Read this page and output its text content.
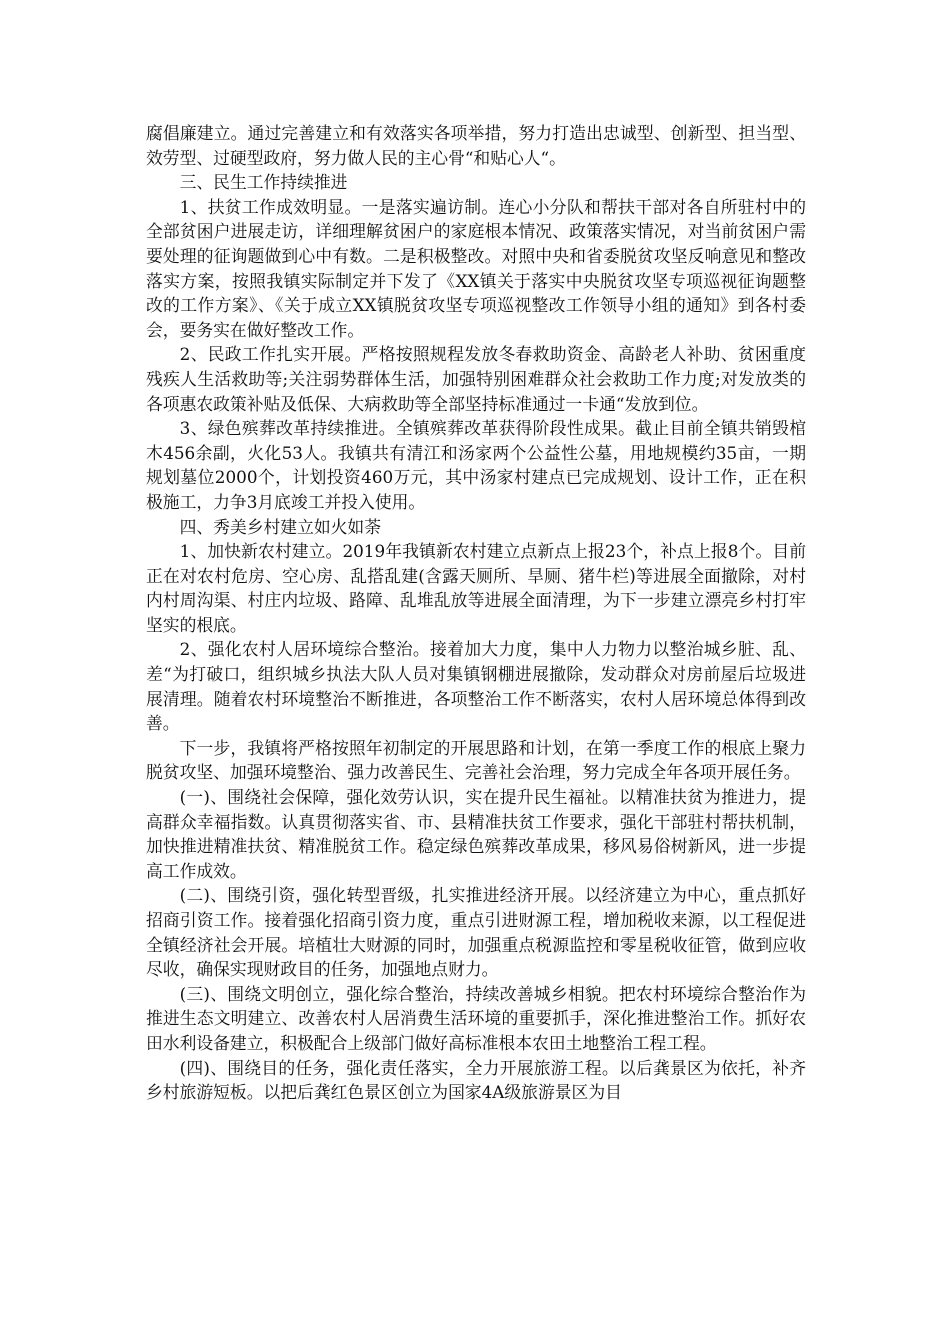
腐倡廉建立。通过完善建立和有效落实各项举措，努力打造出忠诚型、创新型、担当型、效劳型、过硬型政府，努力做人民的主心骨“和贴心人“。

三、民生工作持续推进

1、扶贫工作成效明显。一是落实遍访制。连心小分队和帮扶干部对各自所驻村中的全部贫困户进展走访，详细理解贫困户的家庭根本情况、政策落实情况，对当前贫困户需要处理的征询题做到心中有数。二是积极整改。对照中央和省委脱贫攻坚反响意见和整改落实方案，按照我镇实际制定并下发了《XX镇关于落实中央脱贫攻坚专项巡视征询题整改的工作方案》、《关于成立XX镇脱贫攻坚专项巡视整改工作领导小组的通知》到各村委会，要务实在做好整改工作。

2、民政工作扎实开展。严格按照规程发放冬春救助资金、高龄老人补助、贫困重度残疾人生活救助等;关注弱势群体生活，加强特别困难群众社会救助工作力度;对发放类的各项惠农政策补贴及低保、大病救助等全部坚持标准通过一卡通“发放到位。

3、绿色殡葬改革持续推进。全镇殡葬改革获得阶段性成果。截止目前全镇共销毁棺木456余副，火化53人。我镇共有清江和汤家两个公益性公墓，用地规模约35亩，一期规划墓位2000个，计划投资460万元，其中汤家村建点已完成规划、设计工作，正在积极施工，力争3月底竣工并投入使用。

四、秀美乡村建立如火如荼

1、加快新农村建立。2019年我镇新农村建立点新点上报23个，补点上报8个。目前正在对农村危房、空心房、乱搭乱建(含露天厕所、旱厕、猪牛栏)等进展全面撤除，对村内村周沟渠、村庄内垃圾、路障、乱堆乱放等进展全面清理，为下一步建立漂亮乡村打牢坚实的根底。

2、强化农村人居环境综合整治。接着加大力度，集中人力物力以整治城乡脏、乱、差“为打破口，组织城乡执法大队人员对集镇钢棚进展撤除，发动群众对房前屋后垃圾进展清理。随着农村环境整治不断推进，各项整治工作不断落实，农村人居环境总体得到改善。

下一步，我镇将严格按照年初制定的开展思路和计划，在第一季度工作的根底上聚力脱贫攻坚、加强环境整治、强力改善民生、完善社会治理，努力完成全年各项开展任务。

(一)、围绕社会保障，强化效劳认识，实在提升民生福祉。以精准扶贫为推进力，提高群众幸福指数。认真贯彻落实省、市、县精准扶贫工作要求，强化干部驻村帮扶机制，加快推进精准扶贫、精准脱贫工作。稳定绿色殡葬改革成果，移风易俗树新风，进一步提高工作成效。

(二)、围绕引资，强化转型晋级，扎实推进经济开展。以经济建立为中心，重点抓好招商引资工作。接着强化招商引资力度，重点引进财源工程，增加税收来源，以工程促进全镇经济社会开展。培植壮大财源的同时，加强重点税源监控和零星税收征管，做到应收尽收，确保实现财政目的任务，加强地点财力。

(三)、围绕文明创立，强化综合整治，持续改善城乡相貌。把农村环境综合整治作为推进生态文明建立、改善农村人居消费生活环境的重要抓手，深化推进整治工作。抓好农田水利设备建立，积极配合上级部门做好高标准根本农田土地整治工程工程。

(四)、围绕目的任务，强化责任落实，全力开展旅游工程。以后龚景区为依托，补齐乡村旅游短板。以把后龚红色景区创立为国家4A级旅游景区为目
